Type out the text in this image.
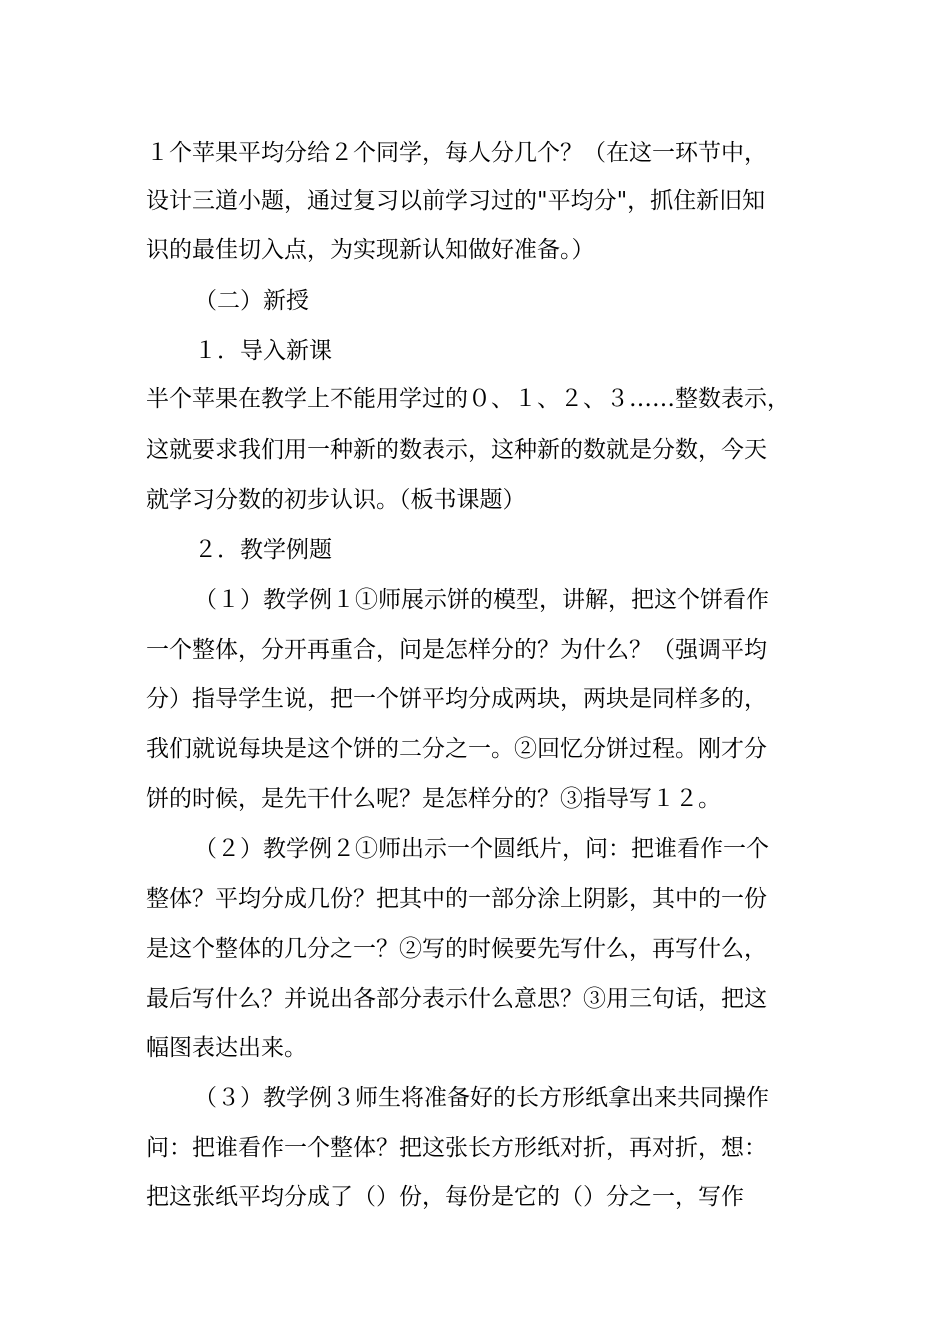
１个苹果平均分给２个同学，每人分几个？（在这一环节中，
设计三道小题，通过复习以前学习过的"平均分"，抓住新旧知
识的最佳切入点，为实现新认知做好准备。）
（二）新授
１．导入新课
半个苹果在教学上不能用学过的０、１、２、３……整数表示，
这就要求我们用一种新的数表示，这种新的数就是分数，今天
就学习分数的初步认识。（板书课题）
２．教学例题
（１）教学例１①师展示饼的模型，讲解，把这个饼看作
一个整体，分开再重合，问是怎样分的？为什么？（强调平均
分）指导学生说，把一个饼平均分成两块，两块是同样多的，
我们就说每块是这个饼的二分之一。②回忆分饼过程。刚才分
饼的时候，是先干什么呢？是怎样分的？③指导写１２。
（２）教学例２①师出示一个圆纸片，问：把谁看作一个
整体？平均分成几份？把其中的一部分涂上阴影，其中的一份
是这个整体的几分之一？②写的时候要先写什么，再写什么，
最后写什么？并说出各部分表示什么意思？③用三句话，把这
幅图表达出来。
（３）教学例３师生将准备好的长方形纸拿出来共同操作
问：把谁看作一个整体？把这张长方形纸对折，再对折，想：
把这张纸平均分成了（）份，每份是它的（）分之一，写作
